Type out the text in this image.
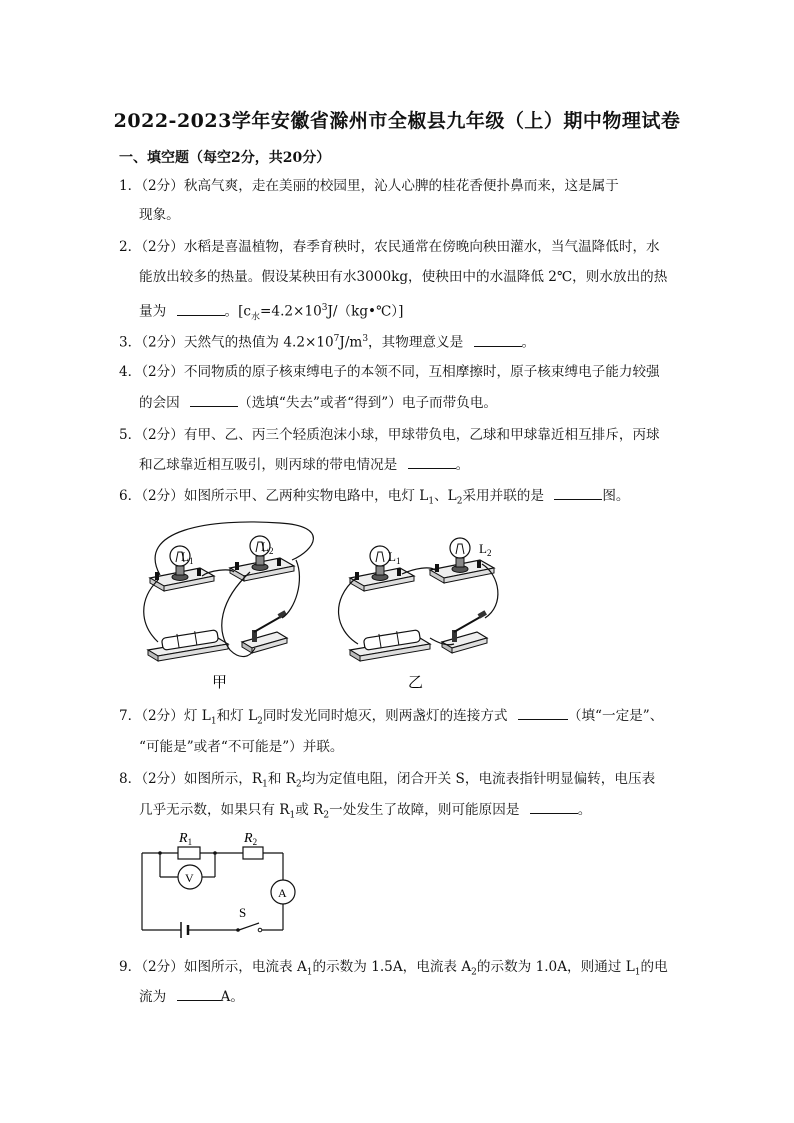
2022-2023学年安徽省滁州市全椒县九年级（上）期中物理试卷
一、填空题（每空2分，共20分）
1．（2分）秋高气爽，走在美丽的校园里，沁人心脾的桂花香便扑鼻而来，这是属于
现象。
2．（2分）水稻是喜温植物，春季育秧时，农民通常在傍晚向秧田灌水，当气温降低时，水
能放出较多的热量。假设某秧田有水3000kg，使秧田中的水温降低 2℃，则水放出的热
量为	。$[c_水=4.2\times 10^3J/(kg•℃)]$
3．（2分）天然气的热值为 $4.2\times 10^7J/m^3$，其物理意义是	。
4．（2分）不同物质的原子核束缚电子的本领不同，互相摩擦时，原子核束缚电子能力较强
的会因	（选填“失去”或者“得到”）电子而带负电。
5．（2分）有甲、乙、丙三个轻质泡沫小球，甲球带负电，乙球和甲球靠近相互排斥，丙球
和乙球靠近相互吸引，则丙球的带电情况是	。
6．（2分）如图所示甲、乙两种实物电路中，电灯 $L_1$、$L_2$采用并联的是	图。
$L_1$
$L_2$
甲
$L_1$
$L_2$
乙
7．（2分）灯 $L_1$和灯 $L_2$同时发光同时熄灭，则两盏灯的连接方式	（填“一定是”、
“可能是”或者“不可能是”）并联。
8．（2分）如图所示，$R_1$和 $R_2$均为定值电阻，闭合开关 S，电流表指针明显偏转，电压表
几乎无示数，如果只有 $R_1$或 $R_2$一处发生了故障，则可能原因是	。
$R_1$	$R_2$
V
A
S
9．（2分）如图所示，电流表 $A_1$的示数为 1.5A，电流表 $A_2$的示数为 1.0A，则通过 $L_1$的电
流为	A。
